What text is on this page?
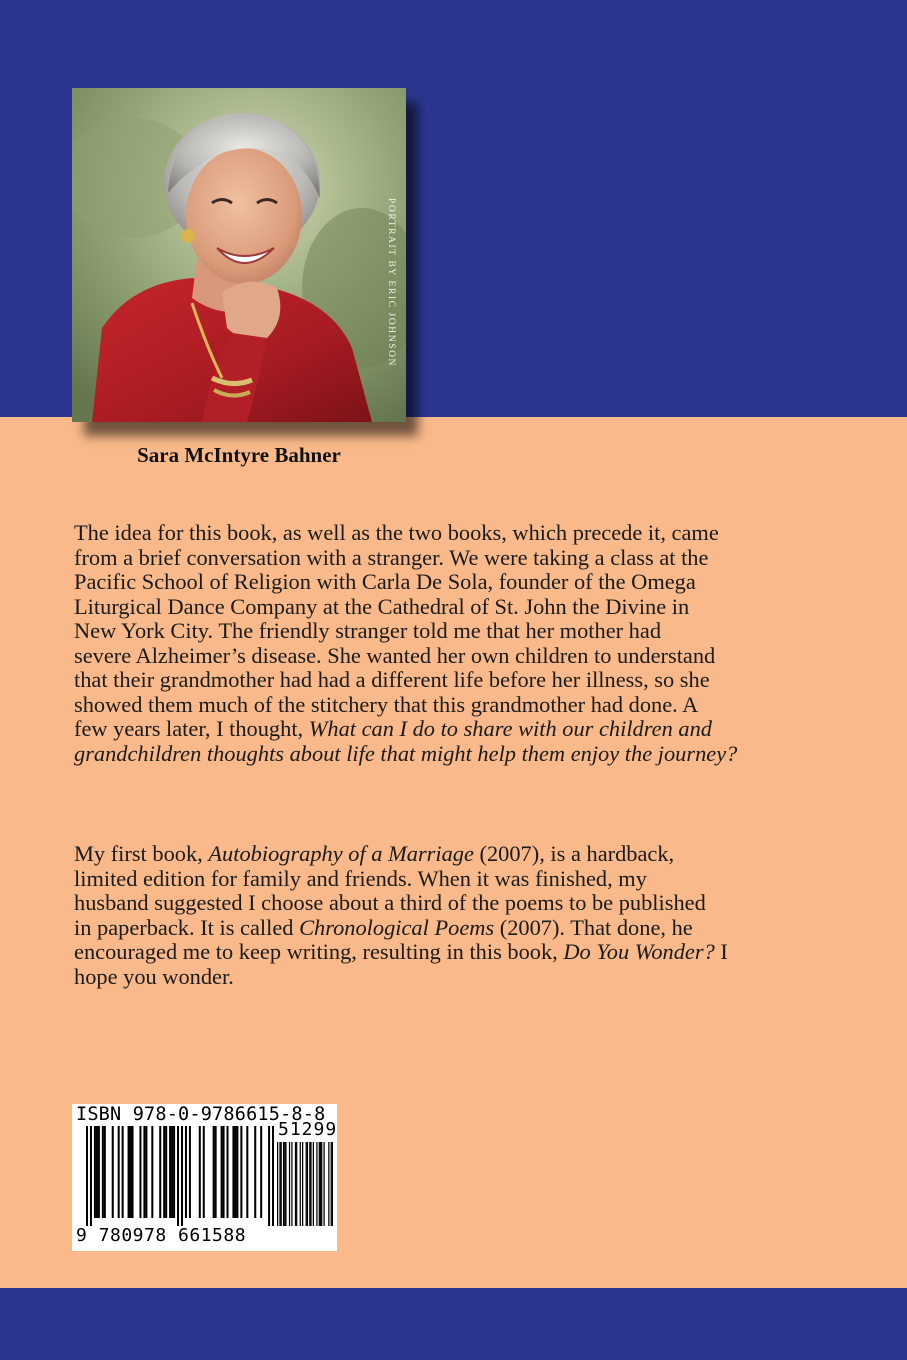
PORTRAIT BY ERIC JOHNSON
Sara McIntyre Bahner
The idea for this book, as well as the two books, which precede it, came
from a brief conversation with a stranger. We were taking a class at the
Pacific School of Religion with Carla De Sola, founder of the Omega
Liturgical Dance Company at the Cathedral of St. John the Divine in
New York City. The friendly stranger told me that her mother had
severe Alzheimer’s disease. She wanted her own children to understand
that their grandmother had had a different life before her illness, so she
showed them much of the stitchery that this grandmother had done. A
few years later, I thought, What can I do to share with our children and
grandchildren thoughts about life that might help them enjoy the journey?
My first book, Autobiography of a Marriage (2007), is a hardback,
limited edition for family and friends. When it was finished, my
husband suggested I choose about a third of the poems to be published
in paperback. It is called Chronological Poems (2007). That done, he
encouraged me to keep writing, resulting in this book, Do You Wonder? I
hope you wonder.
ISBN 978-0-9786615-8-8
51299
9 780978 661588
